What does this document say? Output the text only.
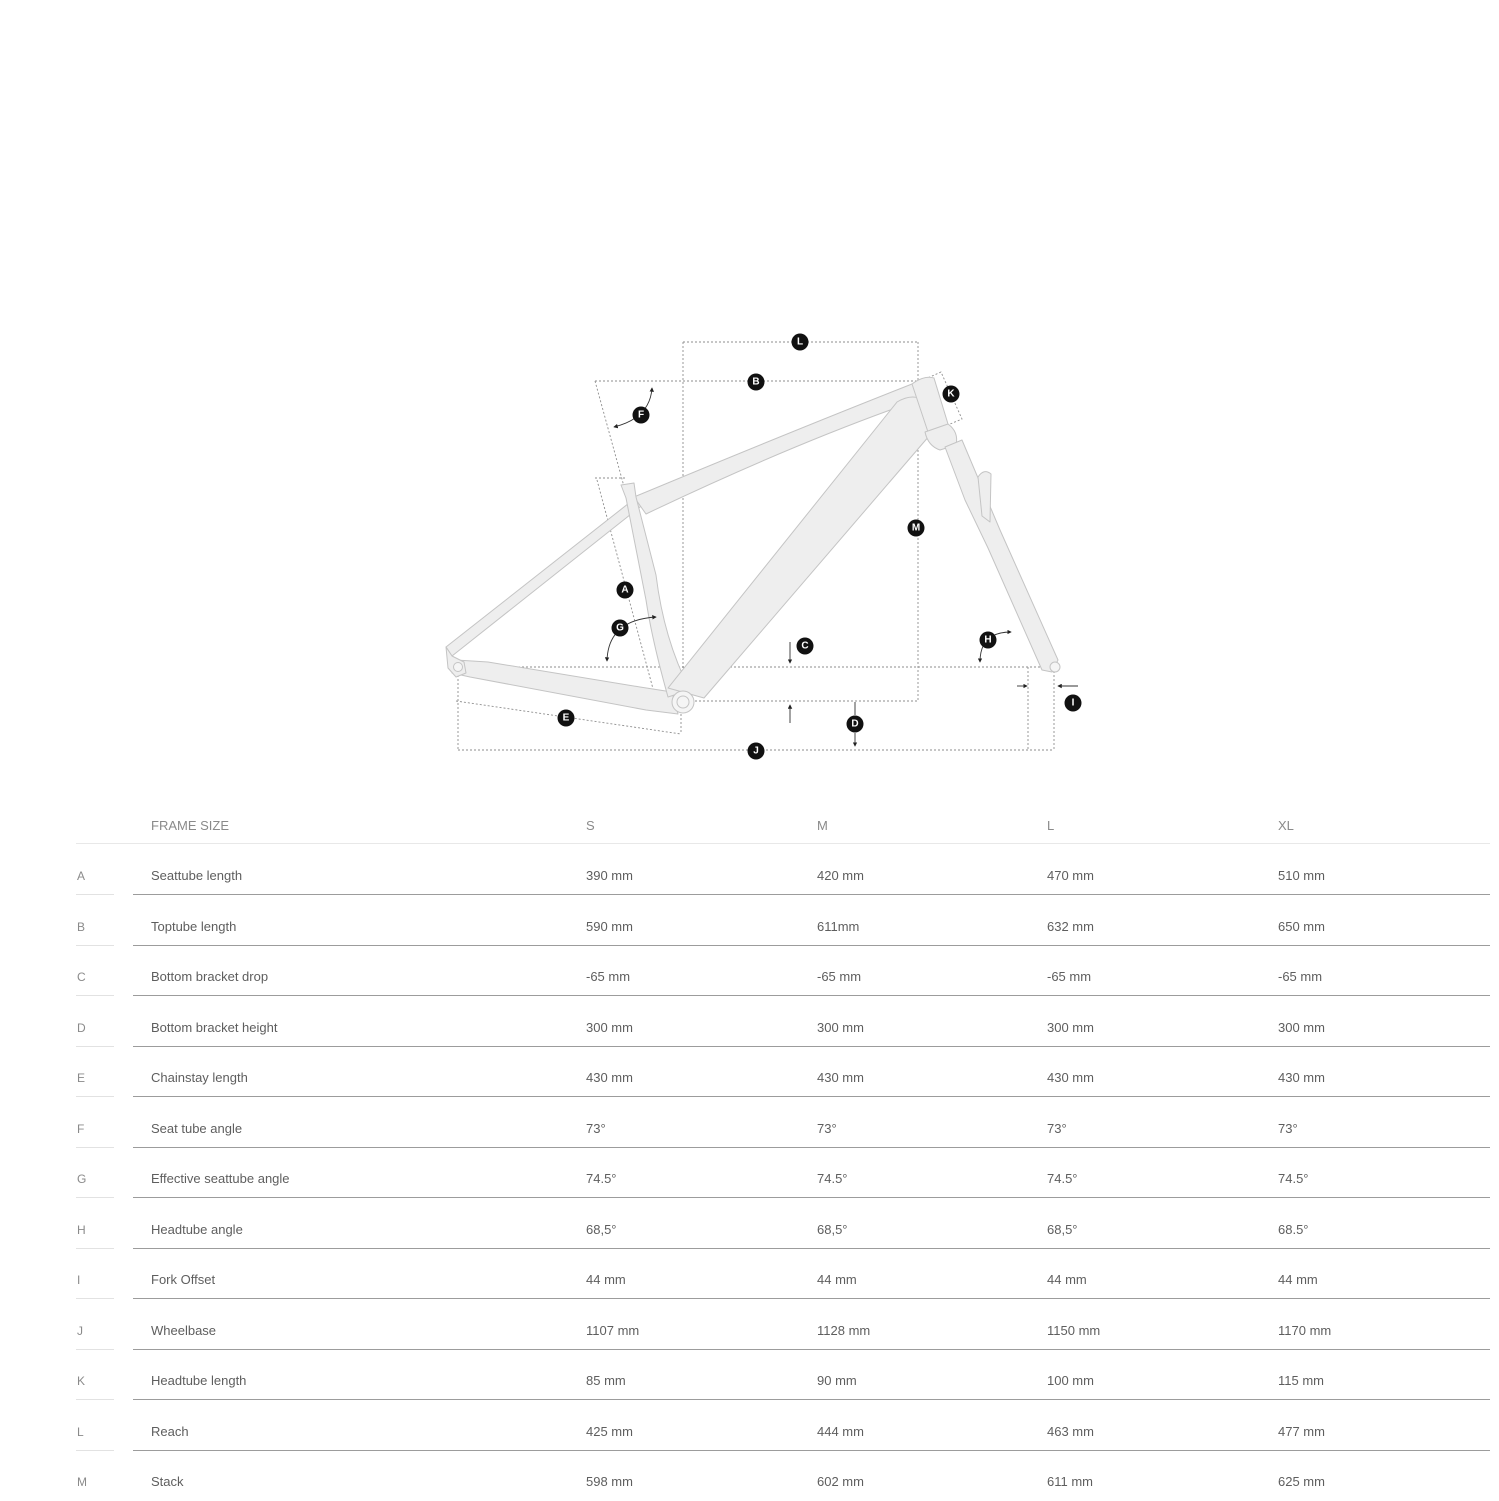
L
B
K
F
M
A
G
C
H
D
I
E
J
FRAME SIZE	S	M	L	XL
A	Seattube length	390 mm	420 mm	470 mm	510 mm
B	Toptube length	590 mm	611mm	632 mm	650 mm
C	Bottom bracket drop	-65 mm	-65 mm	-65 mm	-65 mm
D	Bottom bracket height	300 mm	300 mm	300 mm	300 mm
E	Chainstay length	430 mm	430 mm	430 mm	430 mm
F	Seat tube angle	73°	73°	73°	73°
G	Effective seattube angle	74.5°	74.5°	74.5°	74.5°
H	Headtube angle	68,5°	68,5°	68,5°	68.5°
I	Fork Offset	44 mm	44 mm	44 mm	44 mm
J	Wheelbase	1107 mm	1128 mm	1150 mm	1170 mm
K	Headtube length	85 mm	90 mm	100 mm	115 mm
L	Reach	425 mm	444 mm	463 mm	477 mm
M	Stack	598 mm	602 mm	611 mm	625 mm
